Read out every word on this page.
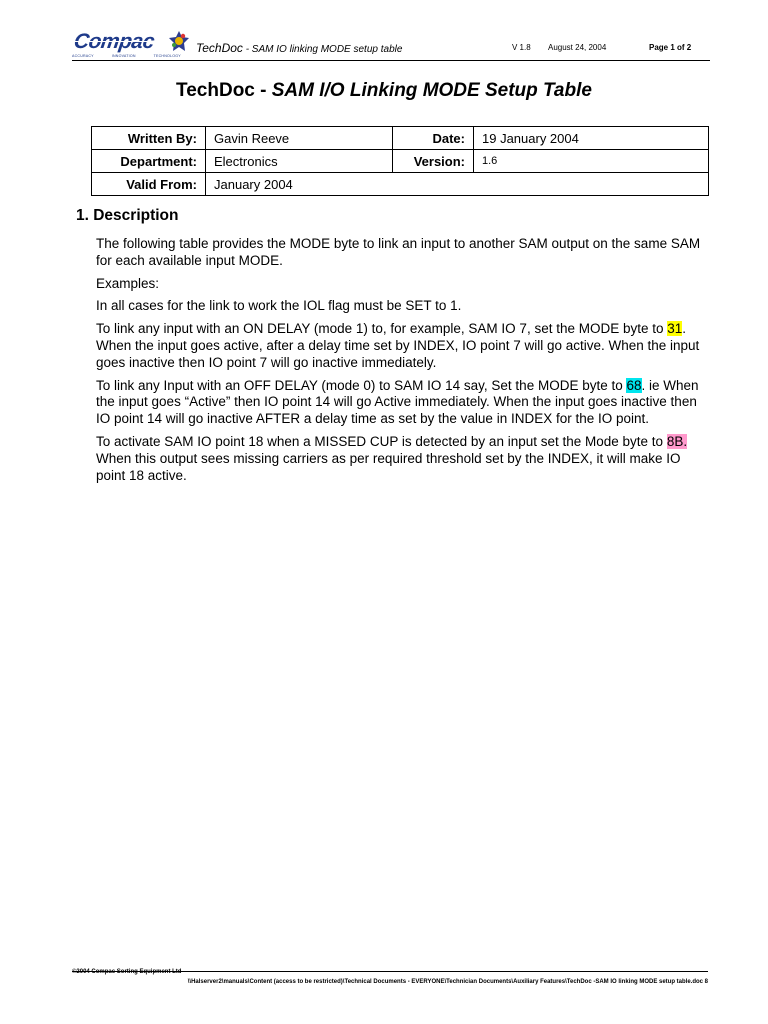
Compac
ACCURACY	INNOVATION	TECHNOLOGY
TechDoc - SAM IO linking MODE setup table	V 1.8 August 24, 2004	Page 1 of 2
TechDoc - SAM I/O Linking MODE Setup Table
Written By:	Gavin Reeve	Date:	19 January 2004
Department:	Electronics	Version:	1.6
Valid From:	January 2004		
1. Description

The following table provides the MODE byte to link an input to another SAM output on the same SAM for each available input MODE.

Examples:

In all cases for the link to work the IOL flag must be SET to 1.

To link any input with an ON DELAY (mode 1) to, for example, SAM IO 7, set the MODE byte to 31. When the input goes active, after a delay time set by INDEX, IO point 7 will go active. When the input goes inactive then IO point 7 will go inactive immediately.

To link any Input with an OFF DELAY (mode 0) to SAM IO 14 say, Set the MODE byte to 68. ie When the input goes “Active” then IO point 14 will go Active immediately. When the input goes inactive then IO point 14 will go inactive AFTER a delay time as set by the value in INDEX for the IO point.

To activate SAM IO point 18 when a MISSED CUP is detected by an input set the Mode byte to 8B. When this output sees missing carriers as per required threshold set by the INDEX, it will make IO point 18 active.

©2004 Compac Sorting Equipment Ltd
\\Halserver2\manuals\Content (access to be restricted)\Technical Documents - EVERYONE\Technician Documents\Auxiliary Features\TechDoc -SAM IO linking MODE setup table.doc 8
